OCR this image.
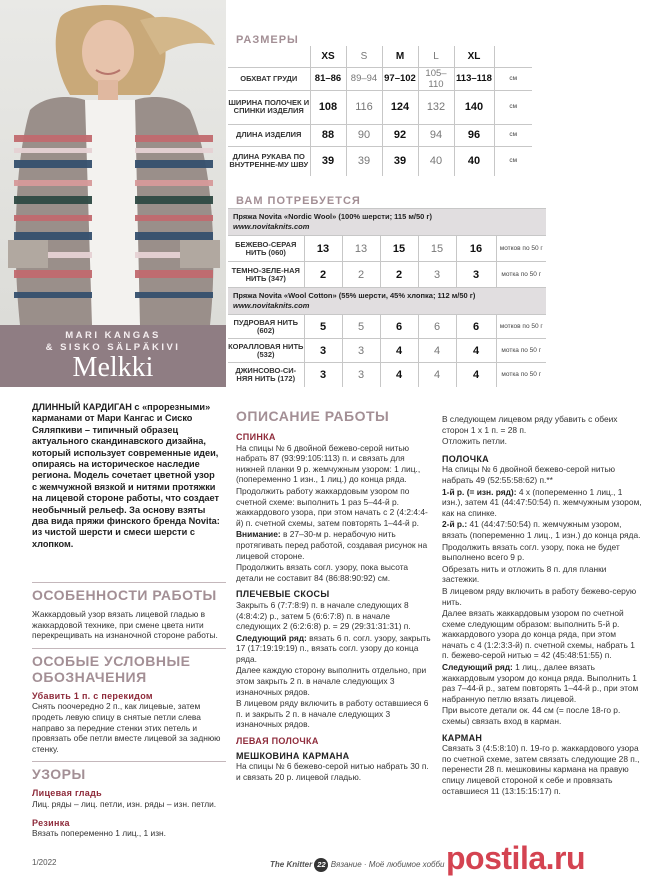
MARI KANGAS
& SISKO SÄLPÄKIVI
Melkki
РАЗМЕРЫ
	XS	S	M	L	XL	
ОБХВАТ ГРУДИ	81–86	89–94	97–102	105–110	113–118	см
ШИРИНА ПОЛОЧЕК И СПИНКИ ИЗДЕЛИЯ	108	116	124	132	140	см
ДЛИНА ИЗДЕЛИЯ	88	90	92	94	96	см
ДЛИНА РУКАВА ПО ВНУТРЕННЕ-МУ ШВУ	39	39	39	40	40	см
ВАМ ПОТРЕБУЕТСЯ
Пряжа Novita «Nordic Wool» (100% шерсти; 115 м/50 г)
www.novitaknits.com						

БЕЖЕВО-СЕРАЯ НИТЬ (060)	13	13	15	15	16	мотков по 50 г
ТЕМНО-ЗЕЛЕ-НАЯ НИТЬ (347)	2	2	2	3	3	мотка по 50 г

Пряжа Novita «Wool Cotton» (55% шерсти, 45% хлопка; 112 м/50 г)
www.novitaknits.com						

ПУДРОВАЯ НИТЬ (602)	5	5	6	6	6	мотков по 50 г
КОРАЛЛОВАЯ НИТЬ (532)	3	3	4	4	4	мотка по 50 г
ДЖИНСОВО-СИ-НЯЯ НИТЬ (172)	3	3	4	4	4	мотка по 50 г
ДЛИННЫЙ КАРДИГАН с «прорезными» карманами от Мари Кангас и Сиско Сяляпкиви – типичный образец актуального скандинавского дизайна, который использует современные идеи, опираясь на историческое наследие региона. Модель сочетает цветной узор с жемчужной вязкой и нитями протяжки на лицевой стороне работы, что создает необычный рельеф. За основу взяты два вида пряжи финского бренда Novita: из чистой шерсти и смеси шерсти с хлопком.
ОСОБЕННОСТИ РАБОТЫ

Жаккардовый узор вязать лицевой гладью в жаккардовой технике, при смене цвета нити перекрещивать на изнаночной стороне работы.

ОСОБЫЕ УСЛОВНЫЕ ОБОЗНАЧЕНИЯ
Убавить 1 п. с перекидом

Снять поочередно 2 п., как лицевые, затем продеть левую спицу в снятые петли слева направо за передние стенки этих петель и провязать обе петли вместе лицевой за заднюю стенку.

УЗОРЫ
Лицевая гладь

Лиц. ряды – лиц. петли, изн. ряды – изн. петли.

Резинка

Вязать попеременно 1 лиц., 1 изн.

ОПИСАНИЕ РАБОТЫ
СПИНКА

На спицы № 6 двойной бежево-серой нитью набрать 87 (93:99:105:113) п. и связать для нижней планки 9 р. жемчужным узором: 1 лиц., (попеременно 1 изн., 1 лиц.) до конца ряда.

Продолжить работу жаккардовым узором по счетной схеме: выполнить 1 раз 5–44-й р. жаккардового узора, при этом начать с 2 (4:2:4:4-й) п. счетной схемы, затем повторять 1–44-й р.

Внимание: в 27–30-м р. нерабочую нить протягивать перед работой, создавая рисунок на лицевой стороне.

Продолжить вязать согл. узору, пока высота детали не составит 84 (86:88:90:92) см.

ПЛЕЧЕВЫЕ СКОСЫ

Закрыть 6 (7:7:8:9) п. в начале следующих 8 (4:8:4:2) р., затем 5 (6:6:7:8) п. в начале следующих 2 (6:2:6:8) р. = 29 (29:31:31:31) п.

Следующий ряд: вязать 6 п. согл. узору, закрыть 17 (17:19:19:19) п., вязать согл. узору до конца ряда.

Далее каждую сторону выполнить отдельно, при этом закрыть 2 п. в начале следующих 3 изнаночных рядов.

В лицевом ряду включить в работу оставшиеся 6 п. и закрыть 2 п. в начале следующих 3 изнаночных рядов.

ЛЕВАЯ ПОЛОЧКА
МЕШКОВИНА КАРМАНА

На спицы № 6 бежево-серой нитью набрать 30 п. и связать 20 р. лицевой гладью.

В следующем лицевом ряду убавить с обеих сторон 1 х 1 п. = 28 п.

Отложить петли.

ПОЛОЧКА

На спицы № 6 двойной бежево-серой нитью набрать 49 (52:55:58:62) п.**

1-й р. (= изн. ряд): 4 х (попеременно 1 лиц., 1 изн.), затем 41 (44:47:50:54) п. жемчужным узором, как на спинке.

2-й р.: 41 (44:47:50:54) п. жемчужным узором, вязать (попеременно 1 лиц., 1 изн.) до конца ряда.

Продолжить вязать согл. узору, пока не будет выполнено всего 9 р.

Обрезать нить и отложить 8 п. для планки застежки.

В лицевом ряду включить в работу бежево-серую нить.

Далее вязать жаккардовым узором по счетной схеме следующим образом: выполнить 5-й р. жаккардового узора до конца ряда, при этом начать с 4 (1:2:3:3-й) п. счетной схемы, набрать 1 п. бежево-серой нитью = 42 (45:48:51:55) п.

Следующий ряд: 1 лиц., далее вязать жаккардовым узором до конца ряда. Выполнить 1 раз 7–44-й р., затем повторять 1–44-й р., при этом набранную петлю вязать лицевой.

При высоте детали ок. 44 см (= после 18-го р. схемы) связать вход в карман.

КАРМАН

Связать 3 (4:5:8:10) п. 19-го р. жаккардового узора по счетной схеме, затем связать следующие 28 п., перенести 28 п. мешковины кармана на правую спицу лицевой стороной к себе и провязать оставшиеся 11 (13:15:15:17) п.

1/2022	The Knitter 22 Вязание · Моё любимое хобби postila.ru
